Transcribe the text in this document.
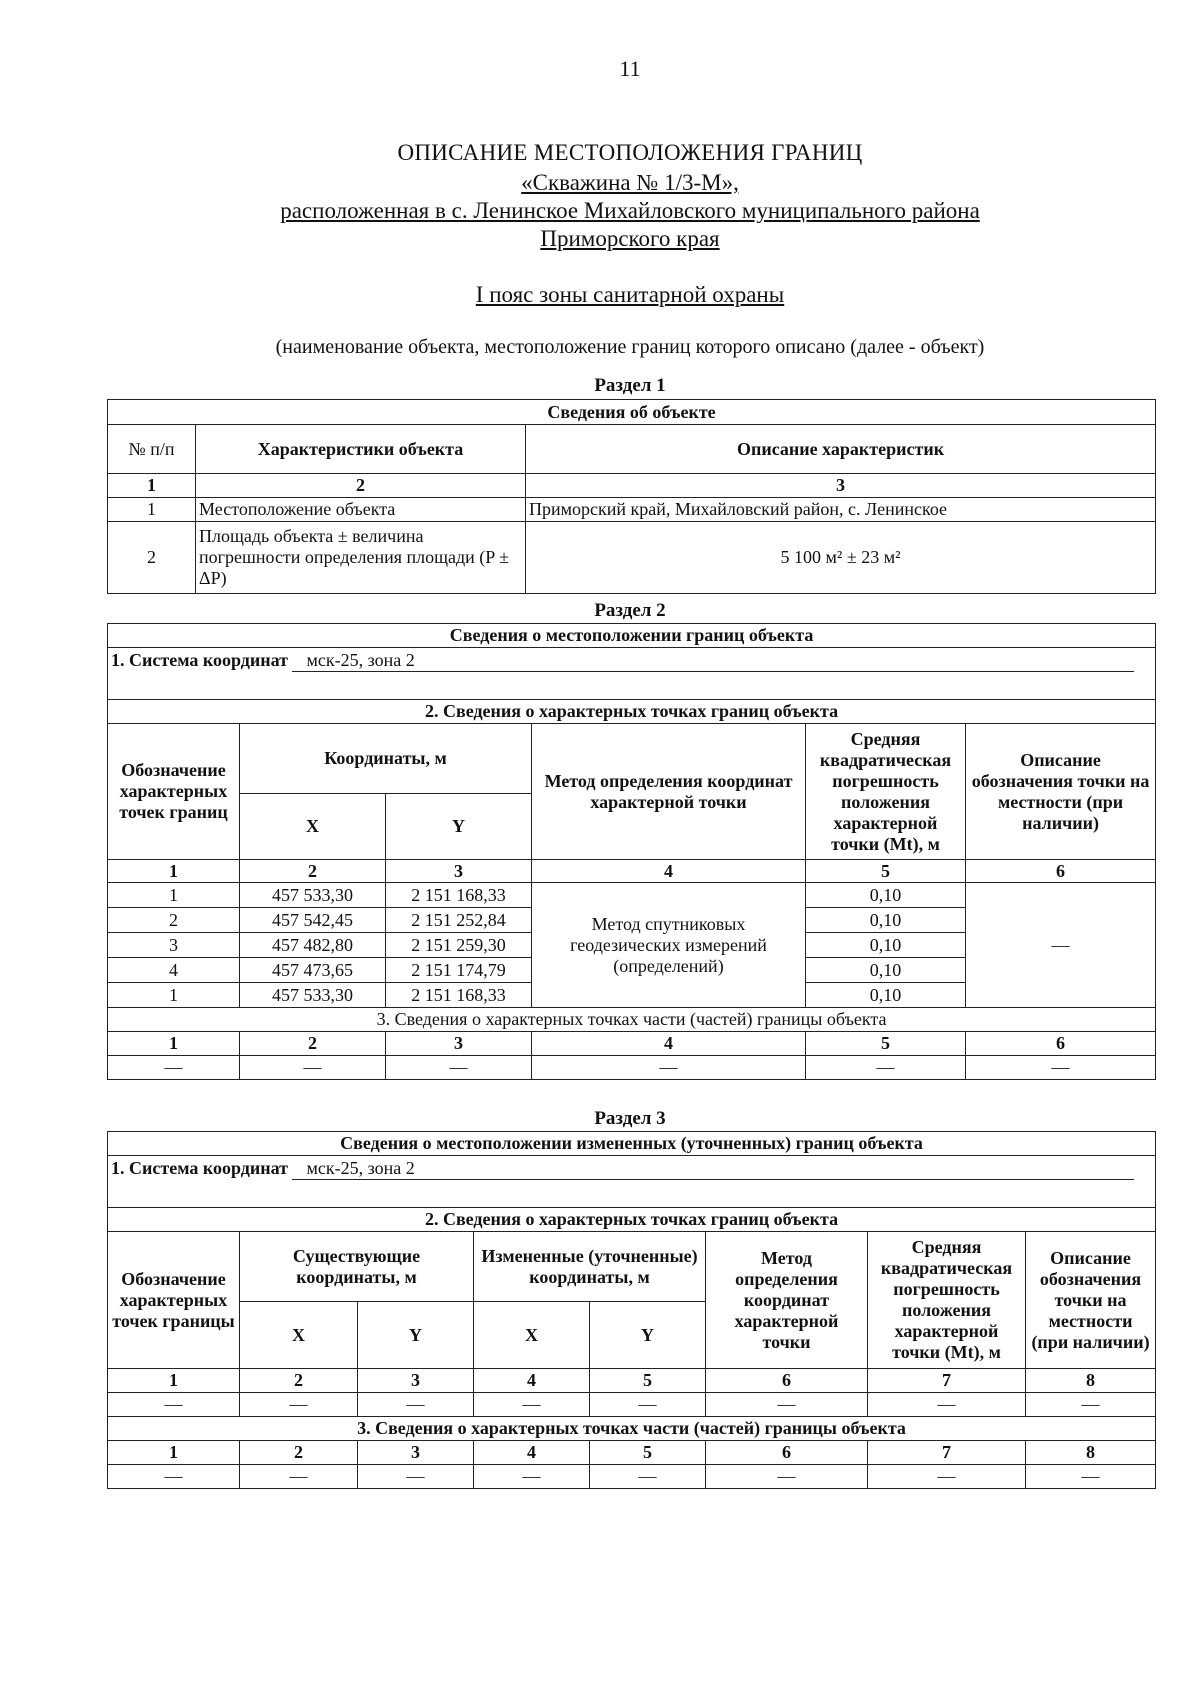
11
ОПИСАНИЕ МЕСТОПОЛОЖЕНИЯ ГРАНИЦ
«Скважина № 1/3-М»,
расположенная в с. Ленинское Михайловского муниципального района
Приморского края
I пояс зоны санитарной охраны
(наименование объекта, местоположение границ которого описано (далее - объект)
Раздел 1
Сведения об объекте		
№ п/п	Характеристики объекта	Описание характеристик
1	2	3
1	Местоположение объекта	Приморский край, Михайловский район, с. Ленинское
2	Площадь объекта ± величина погрешности определения площади (P ± ΔP)	5 100 м² ± 23 м²
Раздел 2
Сведения о местоположении границ объекта					
1. Система координат мск-25, зона 2					
2. Сведения о характерных точках границ объекта					
Обозначение характерных точек границ	Координаты, м		Метод определения координат характерной точки	Средняя квадратическая погрешность положения характерной точки (Mt), м	Описание обозначения точки на местности (при наличии)
	X	Y			
1	2	3	4	5	6
1	457 533,30	2 151 168,33	Метод спутниковых геодезических измерений (определений)	0,10	—
2	457 542,45	2 151 252,84		0,10	
3	457 482,80	2 151 259,30		0,10	
4	457 473,65	2 151 174,79		0,10	
1	457 533,30	2 151 168,33		0,10	
3. Сведения о характерных точках части (частей) границы объекта					
1	2	3	4	5	6
—	—	—	—	—	—
Раздел 3
Сведения о местоположении измененных (уточненных) границ объекта							
1. Система координат мск-25, зона 2							
2. Сведения о характерных точках границ объекта							
Обозначение характерных точек границы	Существующие координаты, м		Измененные (уточненные) координаты, м		Метод определения координат характерной точки	Средняя квадратическая погрешность положения характерной точки (Mt), м	Описание обозначения точки на местности (при наличии)
	X	Y	X	Y			
1	2	3	4	5	6	7	8
—	—	—	—	—	—	—	—
3. Сведения о характерных точках части (частей) границы объекта							
1	2	3	4	5	6	7	8
—	—	—	—	—	—	—	—
